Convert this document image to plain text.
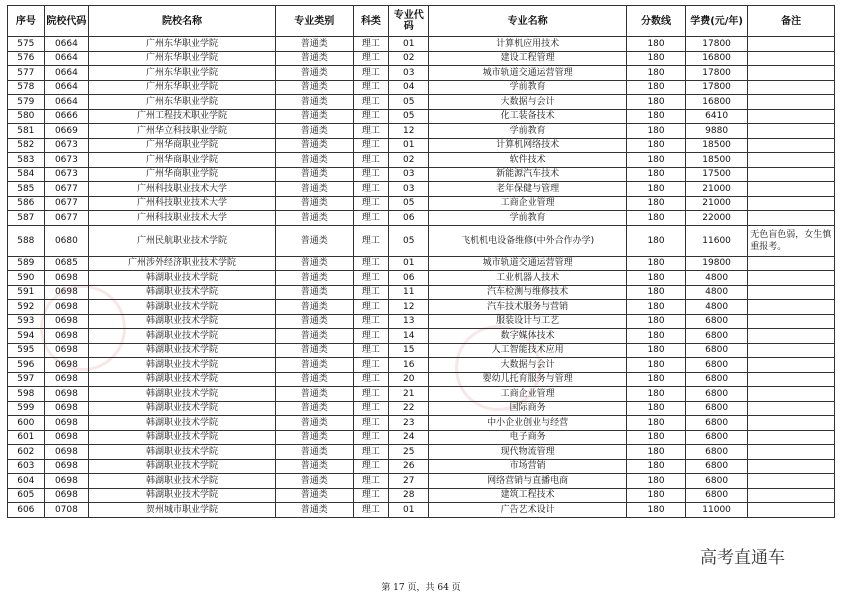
序号	院校代码	院校名称	专业类别	科类	专业代码	专业名称	分数线	学费(元/年)	备注
575	0664	广州东华职业学院	普通类	理工	01	计算机应用技术	180	17800	
576	0664	广州东华职业学院	普通类	理工	02	建设工程管理	180	16800	
577	0664	广州东华职业学院	普通类	理工	03	城市轨道交通运营管理	180	17800	
578	0664	广州东华职业学院	普通类	理工	04	学前教育	180	17800	
579	0664	广州东华职业学院	普通类	理工	05	大数据与会计	180	16800	
580	0666	广州工程技术职业学院	普通类	理工	05	化工装备技术	180	6410	
581	0669	广州华立科技职业学院	普通类	理工	12	学前教育	180	9880	
582	0673	广州华商职业学院	普通类	理工	01	计算机网络技术	180	18500	
583	0673	广州华商职业学院	普通类	理工	02	软件技术	180	18500	
584	0673	广州华商职业学院	普通类	理工	03	新能源汽车技术	180	17500	
585	0677	广州科技职业技术大学	普通类	理工	03	老年保健与管理	180	21000	
586	0677	广州科技职业技术大学	普通类	理工	05	工商企业管理	180	21000	
587	0677	广州科技职业技术大学	普通类	理工	06	学前教育	180	22000	
588	0680	广州民航职业技术学院	普通类	理工	05	飞机机电设备维修(中外合作办学)	180	11600	无色盲色弱，女生慎重报考。
589	0685	广州涉外经济职业技术学院	普通类	理工	01	城市轨道交通运营管理	180	19800	
590	0698	韩湖职业技术学院	普通类	理工	06	工业机器人技术	180	4800	
591	0698	韩湖职业技术学院	普通类	理工	11	汽车检测与维修技术	180	4800	
592	0698	韩湖职业技术学院	普通类	理工	12	汽车技术服务与营销	180	4800	
593	0698	韩湖职业技术学院	普通类	理工	13	服装设计与工艺	180	6800	
594	0698	韩湖职业技术学院	普通类	理工	14	数字媒体技术	180	6800	
595	0698	韩湖职业技术学院	普通类	理工	15	人工智能技术应用	180	6800	
596	0698	韩湖职业技术学院	普通类	理工	16	大数据与会计	180	6800	
597	0698	韩湖职业技术学院	普通类	理工	20	婴幼儿托育服务与管理	180	6800	
598	0698	韩湖职业技术学院	普通类	理工	21	工商企业管理	180	6800	
599	0698	韩湖职业技术学院	普通类	理工	22	国际商务	180	6800	
600	0698	韩湖职业技术学院	普通类	理工	23	中小企业创业与经营	180	6800	
601	0698	韩湖职业技术学院	普通类	理工	24	电子商务	180	6800	
602	0698	韩湖职业技术学院	普通类	理工	25	现代物流管理	180	6800	
603	0698	韩湖职业技术学院	普通类	理工	26	市场营销	180	6800	
604	0698	韩湖职业技术学院	普通类	理工	27	网络营销与直播电商	180	6800	
605	0698	韩湖职业技术学院	普通类	理工	28	建筑工程技术	180	6800	
606	0708	贺州城市职业学院	普通类	理工	01	广告艺术设计	180	11000	
高考直通车
第 17 页，共 64 页
